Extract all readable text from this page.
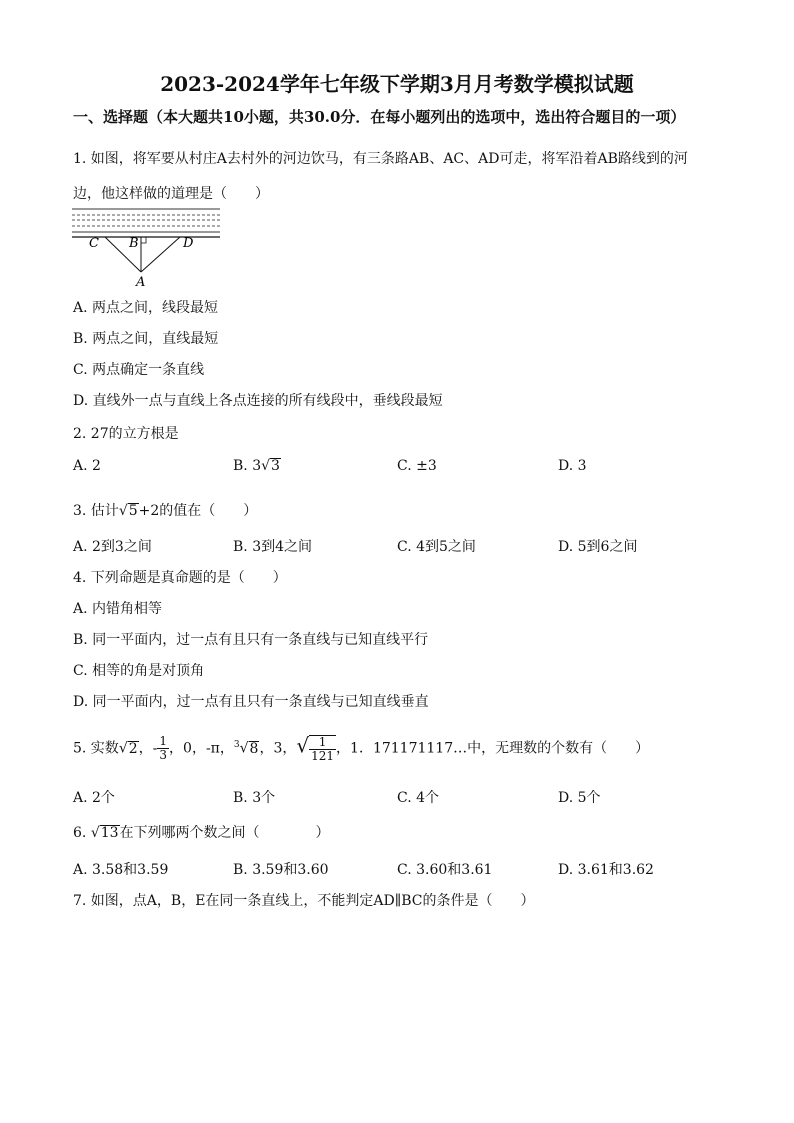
2023-2024学年七年级下学期3月月考数学模拟试题
一、选择题（本大题共10小题，共30.0分．在每小题列出的选项中，选出符合题目的一项）
1. 如图，将军要从村庄A去村外的河边饮马，有三条路AB、AC、AD可走，将军沿着AB路线到的河
边，他这样做的道理是（　　）
C B	D
A
A. 两点之间，线段最短
B. 两点之间，直线最短
C. 两点确定一条直线
D. 直线外一点与直线上各点连接的所有线段中，垂线段最短
2. 27的立方根是
A. 2	B. 3√3	C. ±3	D. 3
3. 估计√5+2的值在（　　）
A. 2到3之间	B. 3到4之间	C. 4到5之间	D. 5到6之间
4. 下列命题是真命题的是（　　）
A. 内错角相等
B. 同一平面内，过一点有且只有一条直线与已知直线平行
C. 相等的角是对顶角
D. 同一平面内，过一点有且只有一条直线与已知直线垂直
5. 实数√2，- $\frac{1}{3}$ ，0，-π，$^3$√8，3，√ $\frac{1}{121}$ ，1．171171117…中，无理数的个数有（　　）
A. 2个	B. 3个	C. 4个	D. 5个
6. √13在下列哪两个数之间（　　　　）
A. 3.58和3.59	B. 3.59和3.60	C. 3.60和3.61	D. 3.61和3.62
7. 如图，点A，B，E在同一条直线上，不能判定AD∥BC的条件是（　　）
